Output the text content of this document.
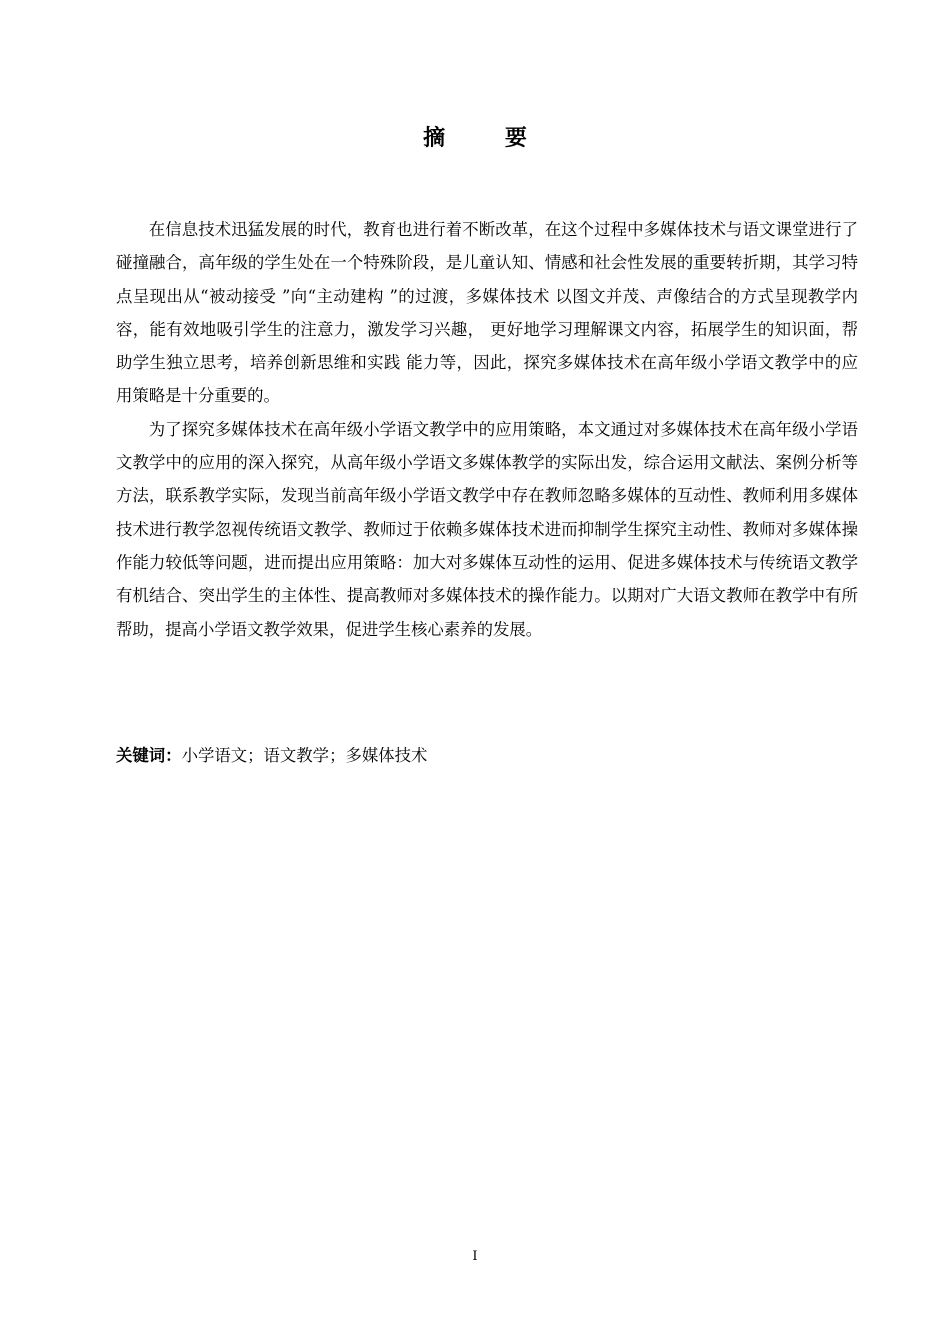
摘 要

在信息技术迅猛发展的时代，教育也进行着不断改革，在这个过程中多媒体技术与语文课堂进行了碰撞融合，高年级的学生处在一个特殊阶段，是儿童认知、情感和社会性发展的重要转折期，其学习特点呈现出从“被动接受 ”向“主动建构 ”的过渡，多媒体技术 以图文并茂、声像结合的方式呈现教学内容，能有效地吸引学生的注意力，激发学习兴趣， 更好地学习理解课文内容，拓展学生的知识面，帮助学生独立思考，培养创新思维和实践 能力等，因此，探究多媒体技术在高年级小学语文教学中的应用策略是十分重要的。

为了探究多媒体技术在高年级小学语文教学中的应用策略，本文通过对多媒体技术在高年级小学语文教学中的应用的深入探究，从高年级小学语文多媒体教学的实际出发，综合运用文献法、案例分析等方法，联系教学实际，发现当前高年级小学语文教学中存在教师忽略多媒体的互动性、教师利用多媒体技术进行教学忽视传统语文教学、教师过于依赖多媒体技术进而抑制学生探究主动性、教师对多媒体操作能力较低等问题，进而提出应用策略：加大对多媒体互动性的运用、促进多媒体技术与传统语文教学有机结合、突出学生的主体性、提高教师对多媒体技术的操作能力。以期对广大语文教师在教学中有所帮助，提高小学语文教学效果，促进学生核心素养的发展。

关键词：小学语文；语文教学；多媒体技术

I
